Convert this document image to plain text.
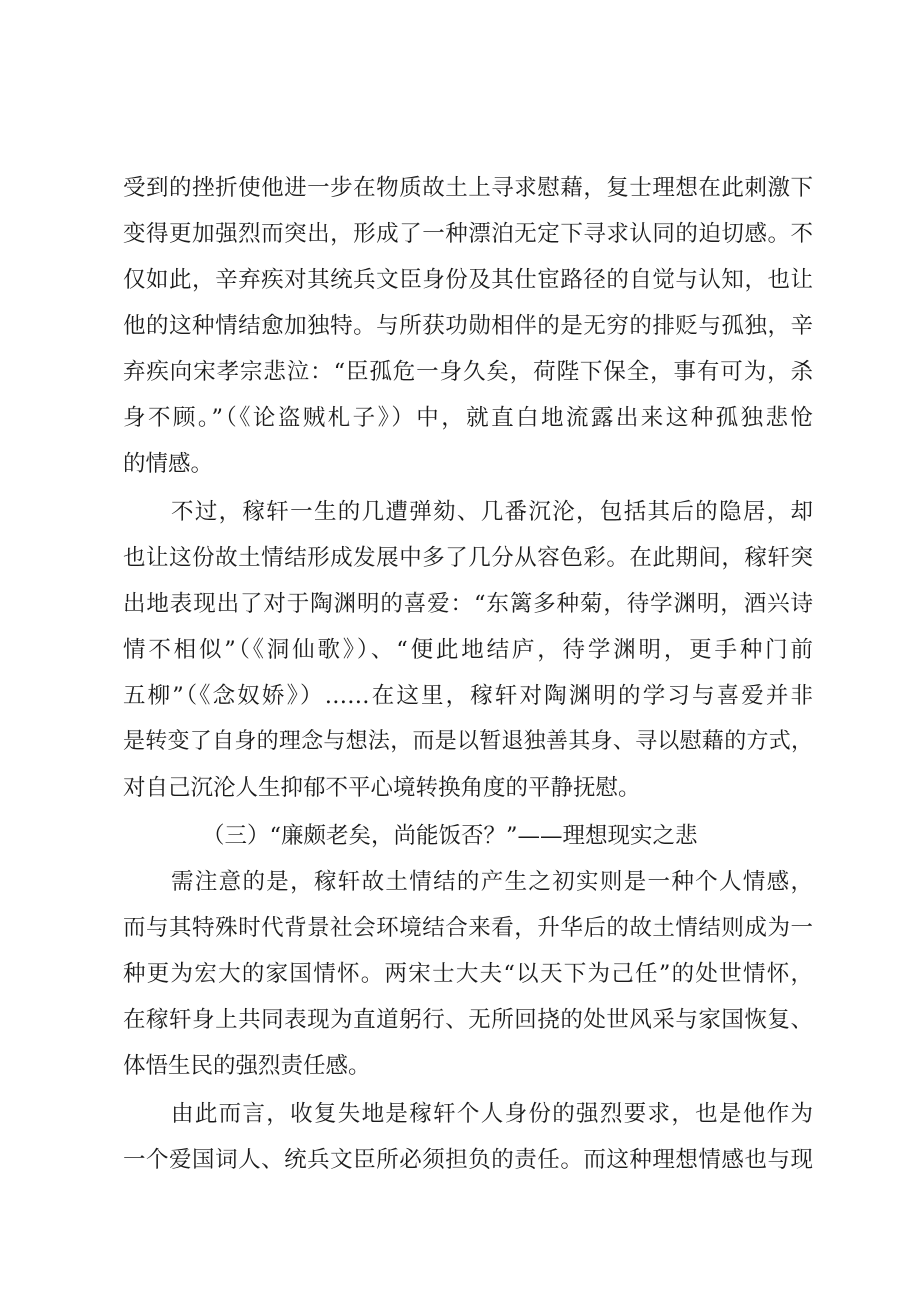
受到的挫折使他进一步在物质故土上寻求慰藉，复士理想在此刺激下
变得更加强烈而突出，形成了一种漂泊无定下寻求认同的迫切感。不
仅如此，辛弃疾对其统兵文臣身份及其仕宦路径的自觉与认知，也让
他的这种情结愈加独特。与所获功勋相伴的是无穷的排贬与孤独，辛
弃疾向宋孝宗悲泣：“臣孤危一身久矣，荷陛下保全，事有可为，杀
身不顾。”（《论盗贼札子》）中，就直白地流露出来这种孤独悲怆
的情感。
不过，稼轩一生的几遭弹劾、几番沉沦，包括其后的隐居，却
也让这份故土情结形成发展中多了几分从容色彩。在此期间，稼轩突
出地表现出了对于陶渊明的喜爱：“东篱多种菊，待学渊明，酒兴诗
情不相似”（《洞仙歌》）、“便此地结庐，待学渊明，更手种门前
五柳”（《念奴娇》）……在这里，稼轩对陶渊明的学习与喜爱并非
是转变了自身的理念与想法，而是以暂退独善其身、寻以慰藉的方式，
对自己沉沦人生抑郁不平心境转换角度的平静抚慰。
（三）“廉颇老矣，尚能饭否？”——理想现实之悲
需注意的是，稼轩故土情结的产生之初实则是一种个人情感，
而与其特殊时代背景社会环境结合来看，升华后的故土情结则成为一
种更为宏大的家国情怀。两宋士大夫“以天下为己任”的处世情怀，
在稼轩身上共同表现为直道躬行、无所回挠的处世风采与家国恢复、
体悟生民的强烈责任感。
由此而言，收复失地是稼轩个人身份的强烈要求，也是他作为
一个爱国词人、统兵文臣所必须担负的责任。而这种理想情感也与现
